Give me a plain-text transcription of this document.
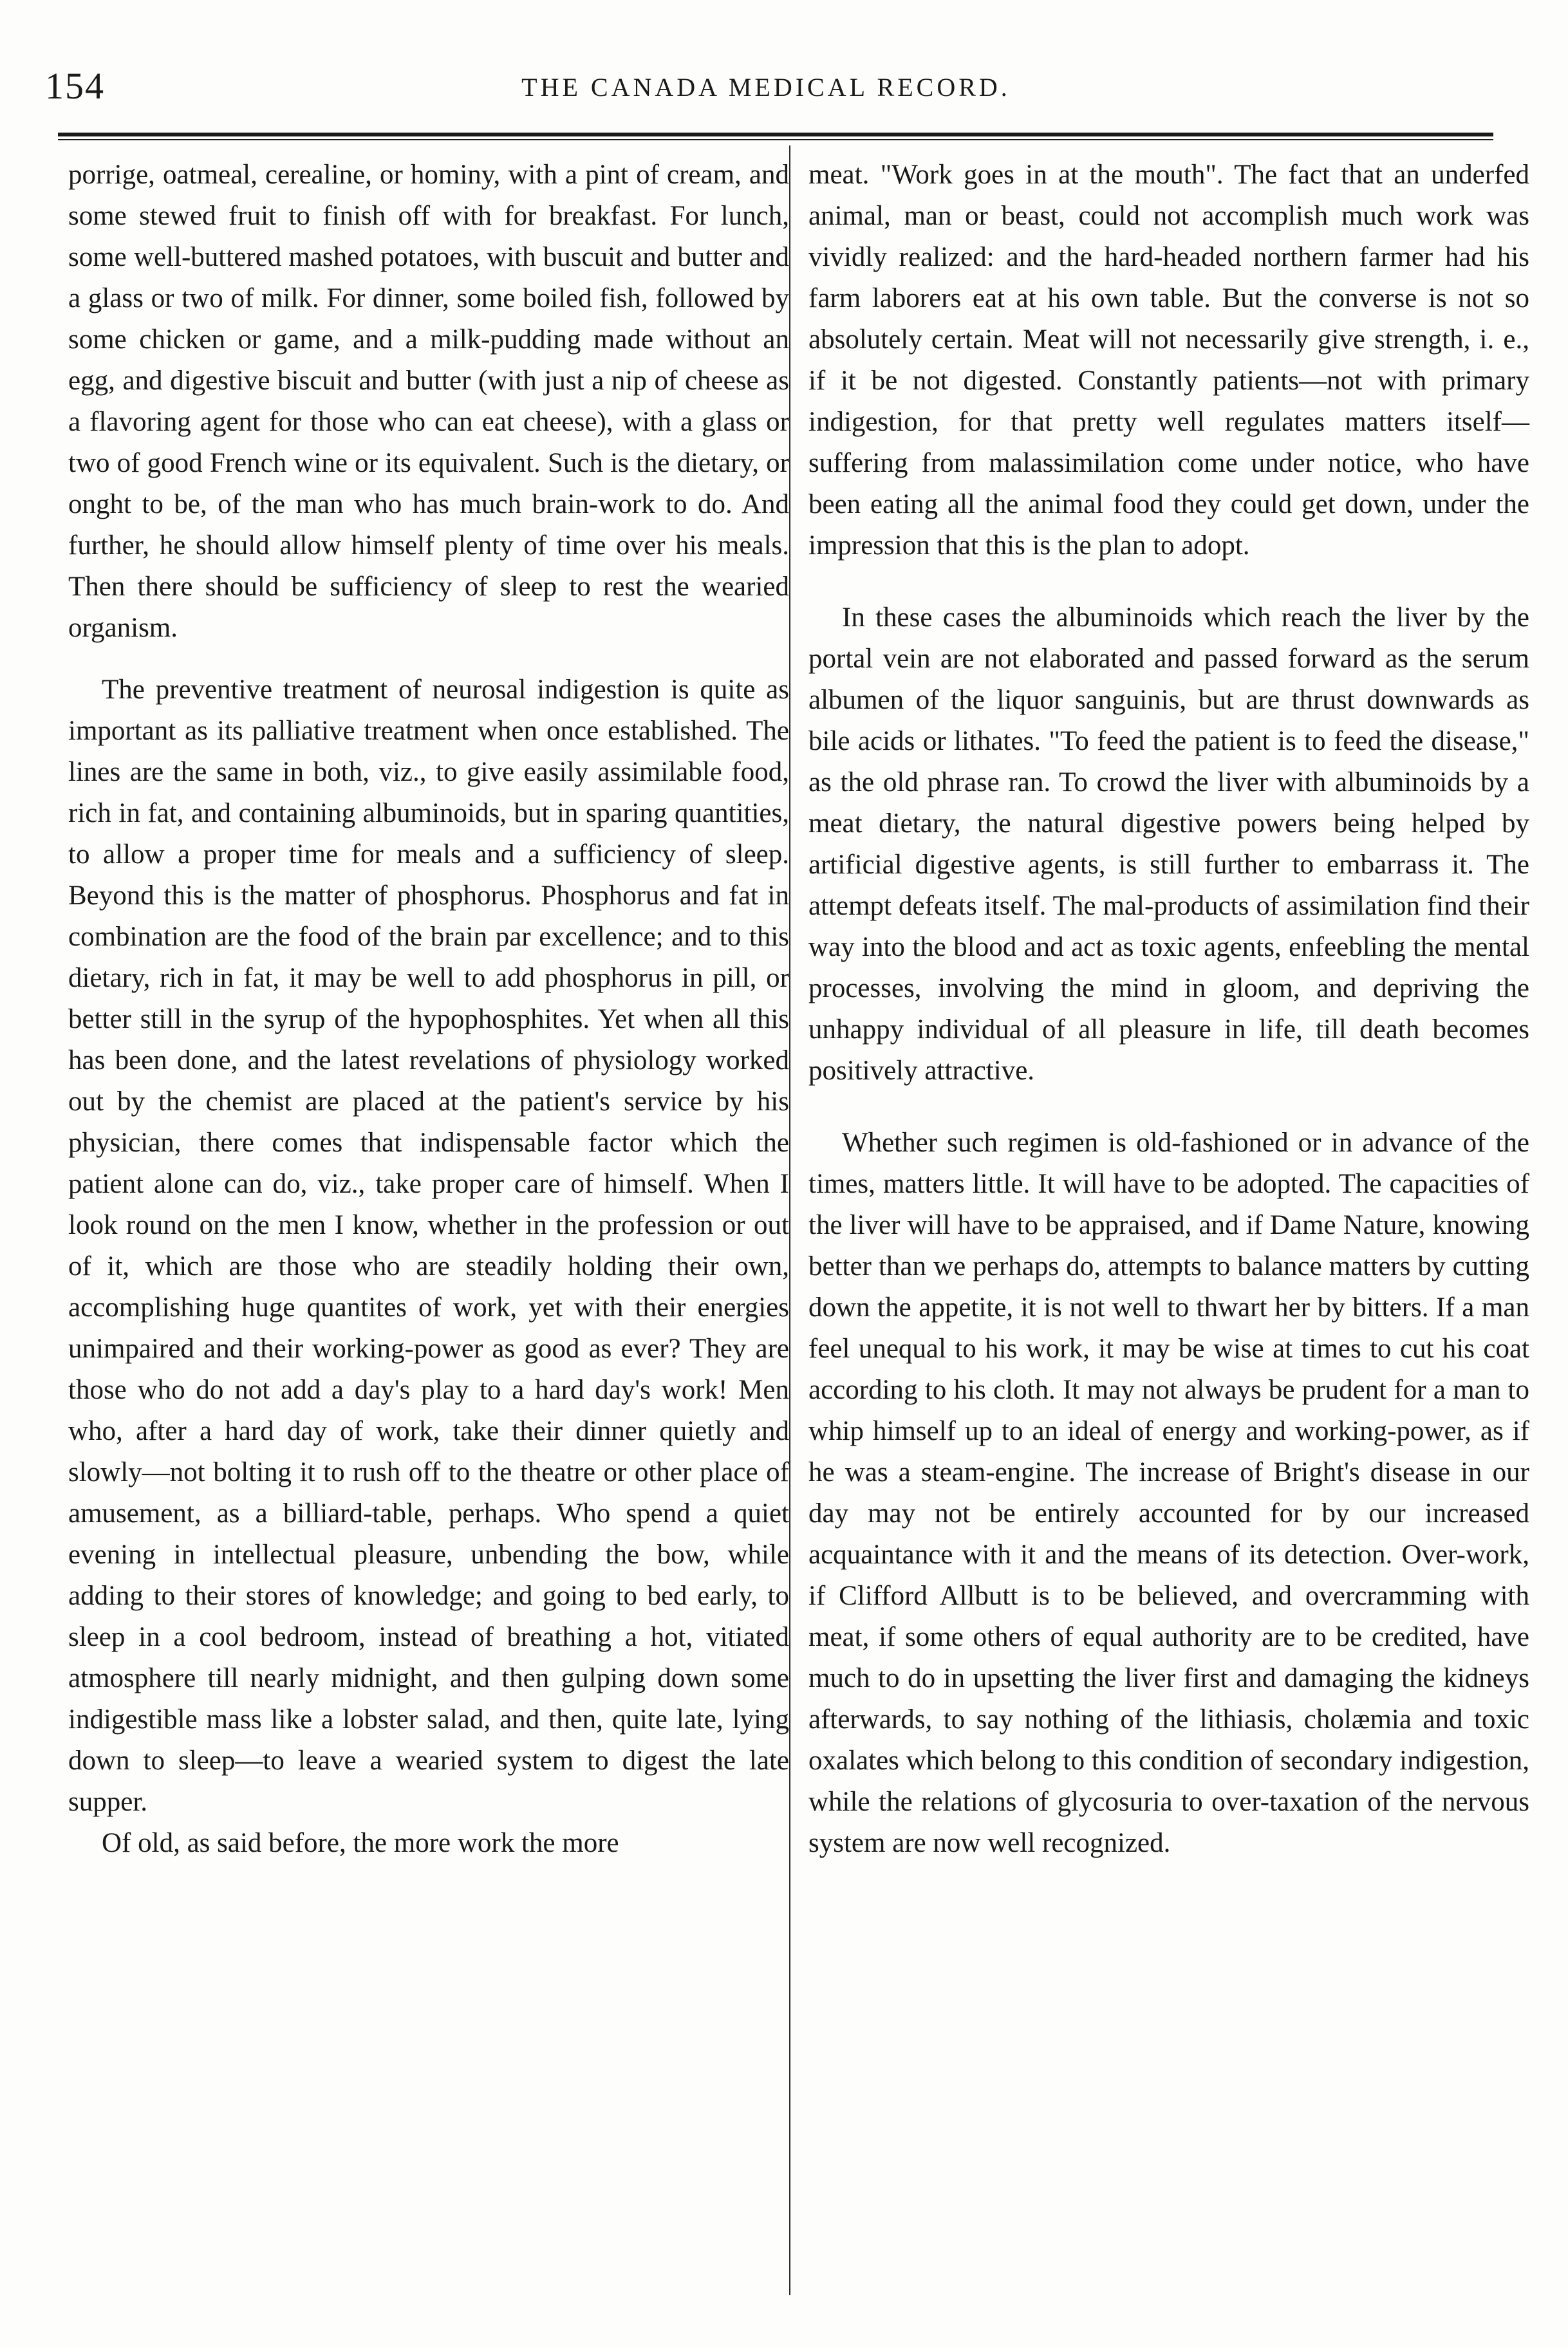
154	THE CANADA MEDICAL RECORD.

porrige, oatmeal, cerealine, or hominy, with a pint of cream, and some stewed fruit to finish off with for breakfast. For lunch, some well-buttered mashed potatoes, with buscuit and butter and a glass or two of milk. For dinner, some boiled fish, followed by some chicken or game, and a milk-pudding made without an egg, and digestive biscuit and butter (with just a nip of cheese as a flavoring agent for those who can eat cheese), with a glass or two of good French wine or its equivalent. Such is the dietary, or onght to be, of the man who has much brain-work to do. And further, he should allow himself plenty of time over his meals. Then there should be sufficiency of sleep to rest the wearied organism.

The preventive treatment of neurosal indigestion is quite as important as its palliative treatment when once established. The lines are the same in both, viz., to give easily assimilable food, rich in fat, and containing albuminoids, but in sparing quantities, to allow a proper time for meals and a sufficiency of sleep. Beyond this is the matter of phosphorus. Phosphorus and fat in combination are the food of the brain par excellence; and to this dietary, rich in fat, it may be well to add phosphorus in pill, or better still in the syrup of the hypophosphites. Yet when all this has been done, and the latest revelations of physiology worked out by the chemist are placed at the patient's service by his physician, there comes that indispensable factor which the patient alone can do, viz., take proper care of himself. When I look round on the men I know, whether in the profession or out of it, which are those who are steadily holding their own, accomplishing huge quantites of work, yet with their energies unimpaired and their working-power as good as ever? They are those who do not add a day's play to a hard day's work! Men who, after a hard day of work, take their dinner quietly and slowly—not bolting it to rush off to the theatre or other place of amusement, as a billiard-table, perhaps. Who spend a quiet evening in intellectual pleasure, unbending the bow, while adding to their stores of knowledge; and going to bed early, to sleep in a cool bedroom, instead of breathing a hot, vitiated atmosphere till nearly midnight, and then gulping down some indigestible mass like a lobster salad, and then, quite late, lying down to sleep—to leave a wearied system to digest the late supper.

Of old, as said before, the more work the more

meat. "Work goes in at the mouth". The fact that an underfed animal, man or beast, could not accomplish much work was vividly realized: and the hard-headed northern farmer had his farm laborers eat at his own table. But the converse is not so absolutely certain. Meat will not necessarily give strength, i. e., if it be not digested. Constantly patients—not with primary indigestion, for that pretty well regulates matters itself—suffering from malassimilation come under notice, who have been eating all the animal food they could get down, under the impression that this is the plan to adopt.

In these cases the albuminoids which reach the liver by the portal vein are not elaborated and passed forward as the serum albumen of the liquor sanguinis, but are thrust downwards as bile acids or lithates. "To feed the patient is to feed the disease," as the old phrase ran. To crowd the liver with albuminoids by a meat dietary, the natural digestive powers being helped by artificial digestive agents, is still further to embarrass it. The attempt defeats itself. The mal-products of assimilation find their way into the blood and act as toxic agents, enfeebling the mental processes, involving the mind in gloom, and depriving the unhappy individual of all pleasure in life, till death becomes positively attractive.

Whether such regimen is old-fashioned or in advance of the times, matters little. It will have to be adopted. The capacities of the liver will have to be appraised, and if Dame Nature, knowing better than we perhaps do, attempts to balance matters by cutting down the appetite, it is not well to thwart her by bitters. If a man feel unequal to his work, it may be wise at times to cut his coat according to his cloth. It may not always be prudent for a man to whip himself up to an ideal of energy and working-power, as if he was a steam-engine. The increase of Bright's disease in our day may not be entirely accounted for by our increased acquaintance with it and the means of its detection. Over-work, if Clifford Allbutt is to be believed, and overcramming with meat, if some others of equal authority are to be credited, have much to do in upsetting the liver first and damaging the kidneys afterwards, to say nothing of the lithiasis, cholæmia and toxic oxalates which belong to this condition of secondary indigestion, while the relations of glycosuria to over-taxation of the nervous system are now well recognized.
